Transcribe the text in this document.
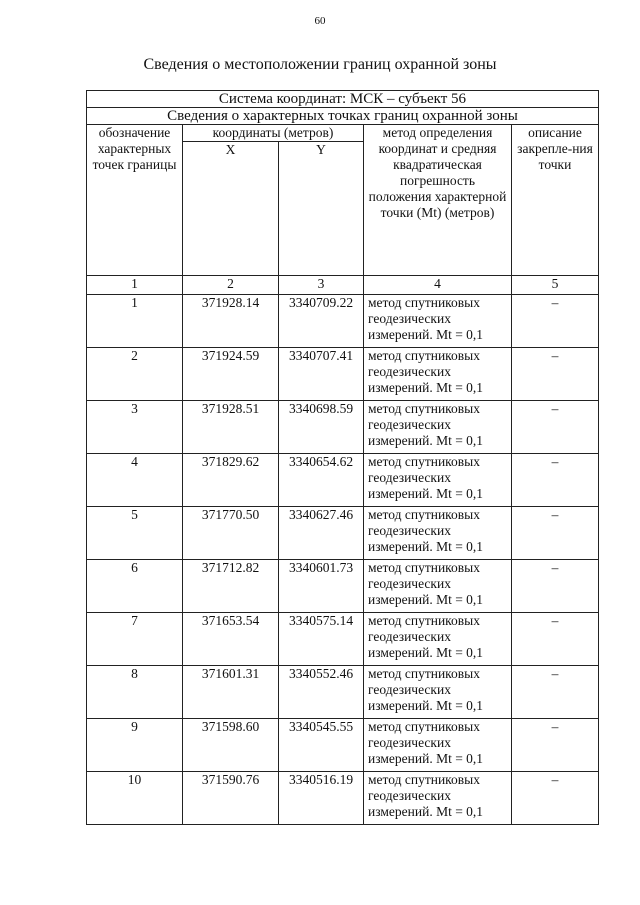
60
Сведения о местоположении границ охранной зоны
Система координат: МСК – субъект 56				
Сведения о характерных точках границ охранной зоны				
обозначение характерных точек границы	координаты (метров)		метод определения координат и средняя квадратическая погрешность положения характерной точки (Mt) (метров)	описание закрепле-ния точки
	X	Y		
1	2	3	4	5
1	371928.14	3340709.22	метод спутниковых геодезических измерений. Mt = 0,1	–
2	371924.59	3340707.41	метод спутниковых геодезических измерений. Mt = 0,1	–
3	371928.51	3340698.59	метод спутниковых геодезических измерений. Mt = 0,1	–
4	371829.62	3340654.62	метод спутниковых геодезических измерений. Mt = 0,1	–
5	371770.50	3340627.46	метод спутниковых геодезических измерений. Mt = 0,1	–
6	371712.82	3340601.73	метод спутниковых геодезических измерений. Mt = 0,1	–
7	371653.54	3340575.14	метод спутниковых геодезических измерений. Mt = 0,1	–
8	371601.31	3340552.46	метод спутниковых геодезических измерений. Mt = 0,1	–
9	371598.60	3340545.55	метод спутниковых геодезических измерений. Mt = 0,1	–
10	371590.76	3340516.19	метод спутниковых геодезических измерений. Mt = 0,1	–
